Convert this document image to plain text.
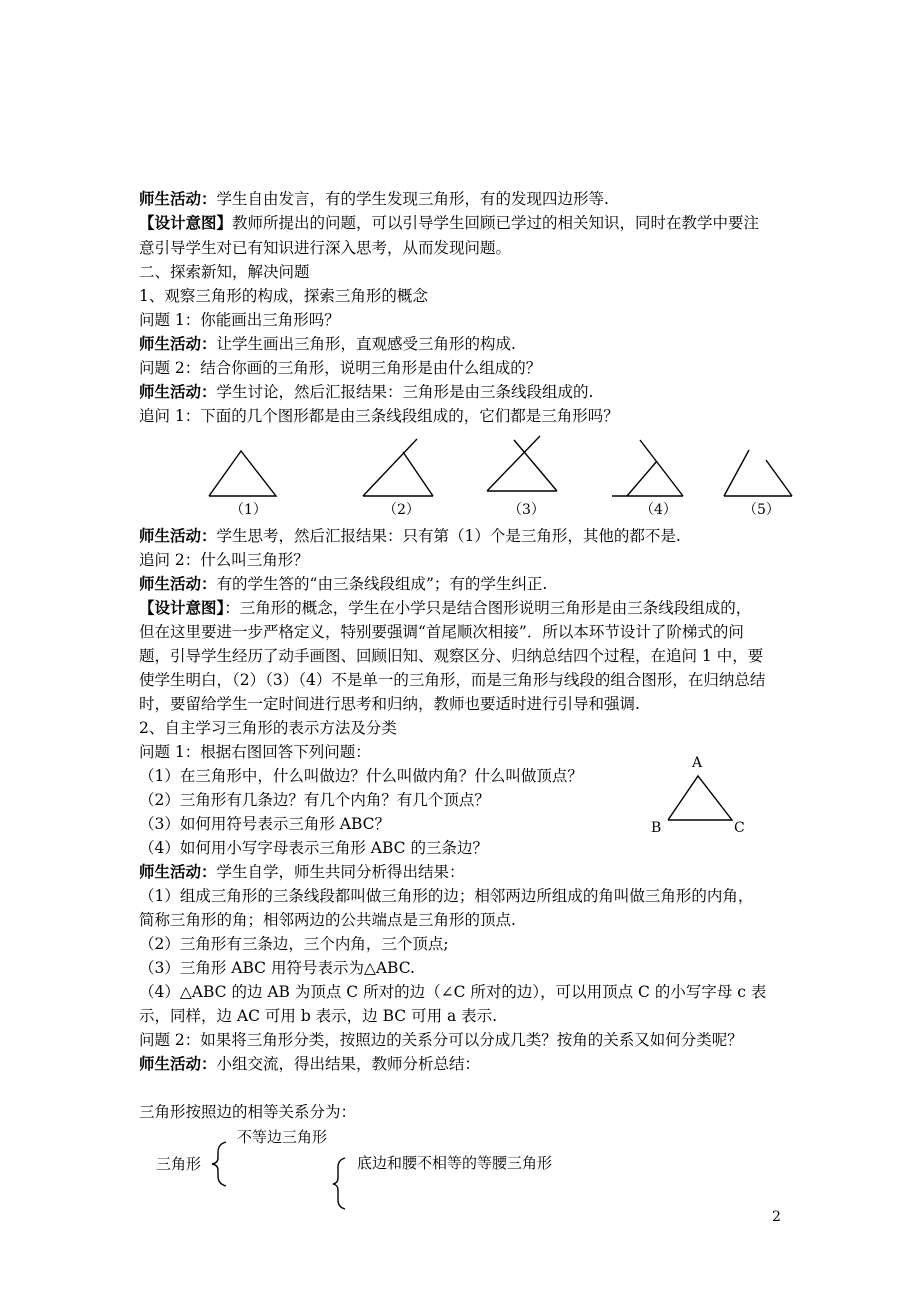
师生活动：学生自由发言，有的学生发现三角形，有的发现四边形等.
【设计意图】教师所提出的问题，可以引导学生回顾已学过的相关知识，同时在教学中要注
意引导学生对已有知识进行深入思考，从而发现问题。
二、探索新知，解决问题
1、观察三角形的构成，探索三角形的概念
问题 1：你能画出三角形吗？
师生活动：让学生画出三角形，直观感受三角形的构成.
问题 2：结合你画的三角形，说明三角形是由什么组成的？
师生活动：学生讨论，然后汇报结果：三角形是由三条线段组成的.
追问 1：下面的几个图形都是由三条线段组成的，它们都是三角形吗？
师生活动：学生思考，然后汇报结果：只有第（1）个是三角形，其他的都不是.
追问 2：什么叫三角形？
师生活动：有的学生答的“由三条线段组成”；有的学生纠正.
【设计意图】：三角形的概念，学生在小学只是结合图形说明三角形是由三条线段组成的，
但在这里要进一步严格定义，特别要强调“首尾顺次相接”．所以本环节设计了阶梯式的问
题，引导学生经历了动手画图、回顾旧知、观察区分、归纳总结四个过程，在追问 1 中，要
使学生明白，（2）（3）（4）不是单一的三角形，而是三角形与线段的组合图形，在归纳总结
时，要留给学生一定时间进行思考和归纳，教师也要适时进行引导和强调.
2、自主学习三角形的表示方法及分类
问题 1：根据右图回答下列问题：
（1）在三角形中，什么叫做边？什么叫做内角？什么叫做顶点？
（2）三角形有几条边？有几个内角？有几个顶点？
（3）如何用符号表示三角形 ABC？
（4）如何用小写字母表示三角形 ABC 的三条边？
师生活动：学生自学，师生共同分析得出结果：
（1）组成三角形的三条线段都叫做三角形的边；相邻两边所组成的角叫做三角形的内角，
简称三角形的角；相邻两边的公共端点是三角形的顶点.
（2）三角形有三条边，三个内角，三个顶点;
（3）三角形 ABC 用符号表示为△ABC.
（4）△ABC 的边 AB 为顶点 C 所对的边（∠C 所对的边），可以用顶点 C 的小写字母 c 表
示，同样，边 AC 可用 b 表示，边 BC 可用 a 表示.
问题 2：如果将三角形分类，按照边的关系分可以分成几类？按角的关系又如何分类呢？
师生活动：小组交流，得出结果，教师分析总结：
三角形按照边的相等关系分为：
（1）	（2）	（3）	（4）	（5）
A
B	C
三角形
不等边三角形
底边和腰不相等的等腰三角形
2
